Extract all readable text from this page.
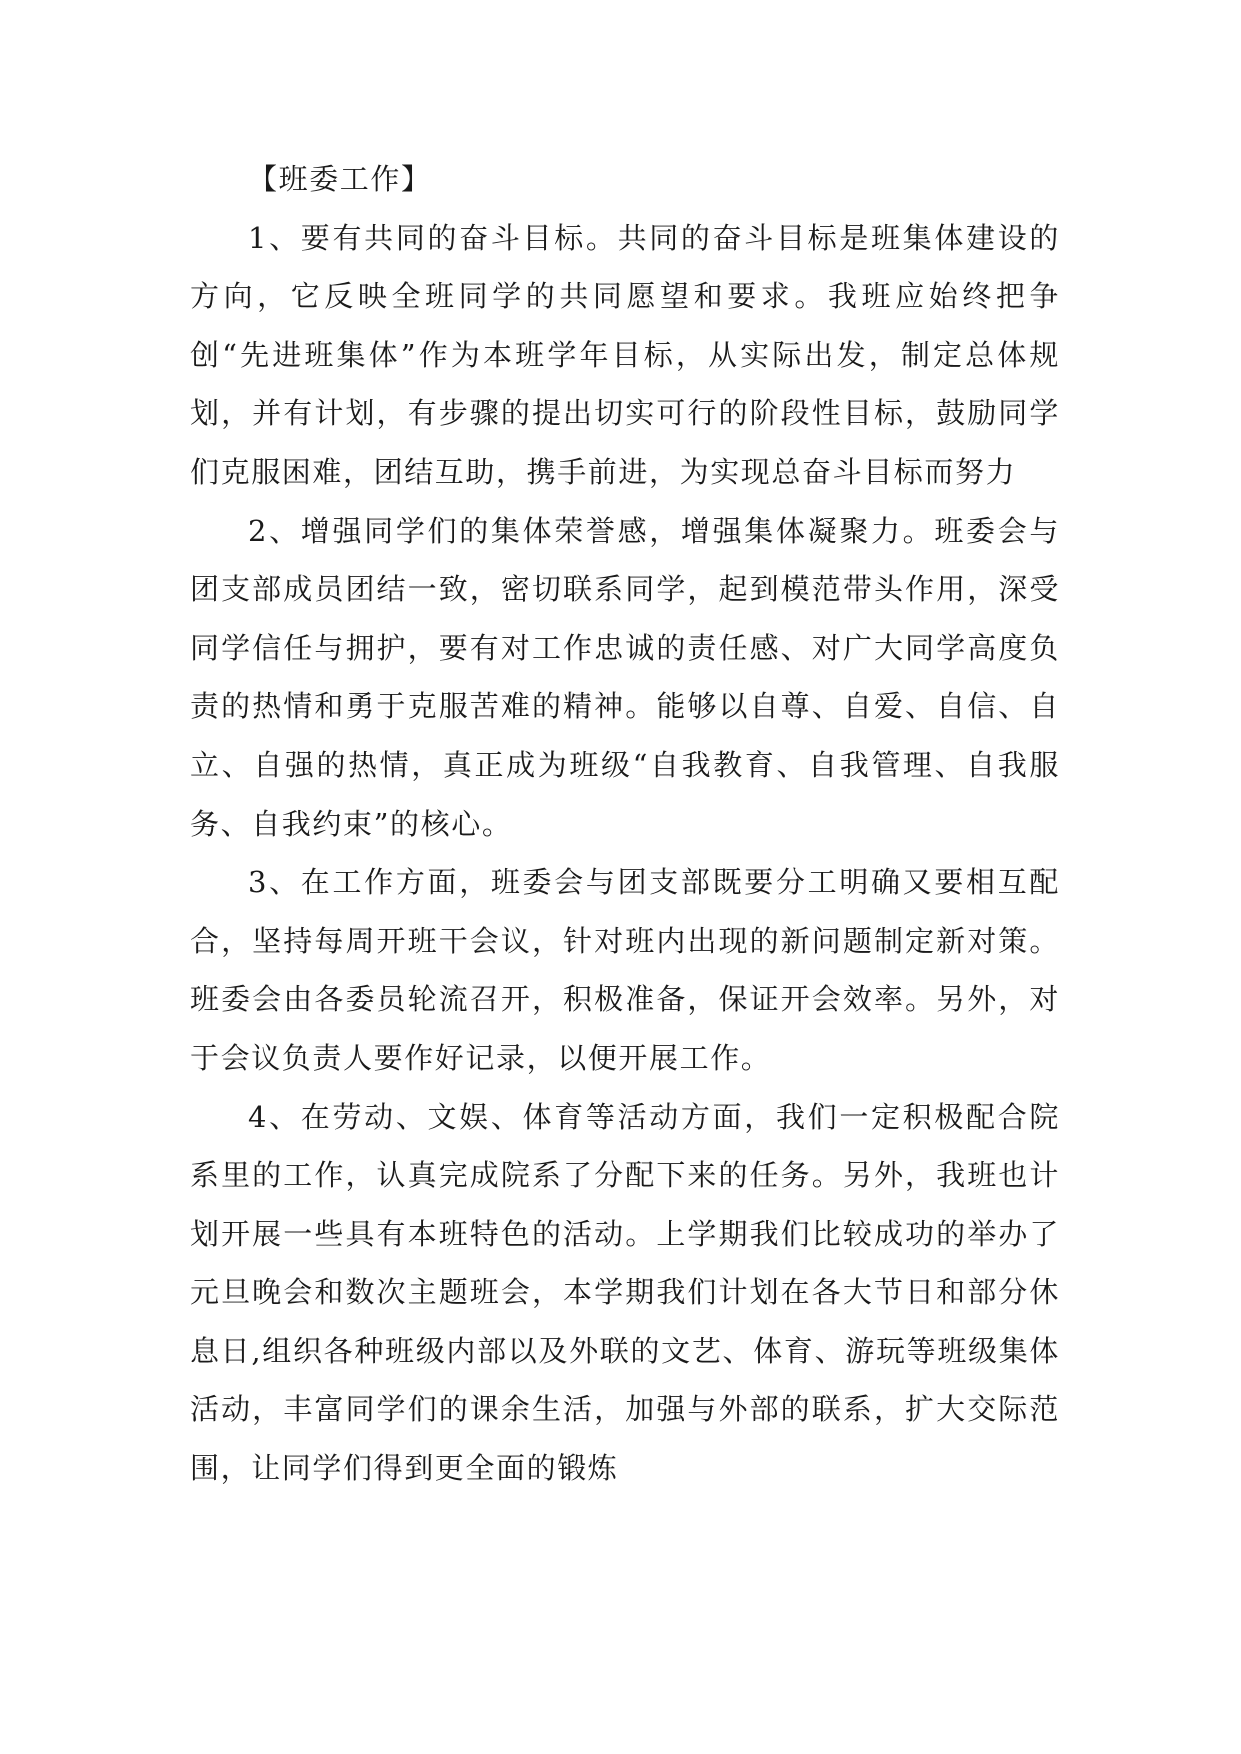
【班委工作】

1、要有共同的奋斗目标。共同的奋斗目标是班集体建设的方向，它反映全班同学的共同愿望和要求。我班应始终把争创“先进班集体”作为本班学年目标，从实际出发，制定总体规划，并有计划，有步骤的提出切实可行的阶段性目标，鼓励同学们克服困难，团结互助，携手前进，为实现总奋斗目标而努力

2、增强同学们的集体荣誉感，增强集体凝聚力。班委会与团支部成员团结一致，密切联系同学，起到模范带头作用，深受同学信任与拥护，要有对工作忠诚的责任感、对广大同学高度负责的热情和勇于克服苦难的精神。能够以自尊、自爱、自信、自立、自强的热情，真正成为班级“自我教育、自我管理、自我服务、自我约束”的核心。

3、在工作方面，班委会与团支部既要分工明确又要相互配合，坚持每周开班干会议，针对班内出现的新问题制定新对策。班委会由各委员轮流召开，积极准备，保证开会效率。另外，对于会议负责人要作好记录，以便开展工作。

4、在劳动、文娱、体育等活动方面，我们一定积极配合院系里的工作，认真完成院系了分配下来的任务。另外，我班也计划开展一些具有本班特色的活动。上学期我们比较成功的举办了元旦晚会和数次主题班会，本学期我们计划在各大节日和部分休息日,组织各种班级内部以及外联的文艺、体育、游玩等班级集体活动，丰富同学们的课余生活，加强与外部的联系，扩大交际范围，让同学们得到更全面的锻炼
